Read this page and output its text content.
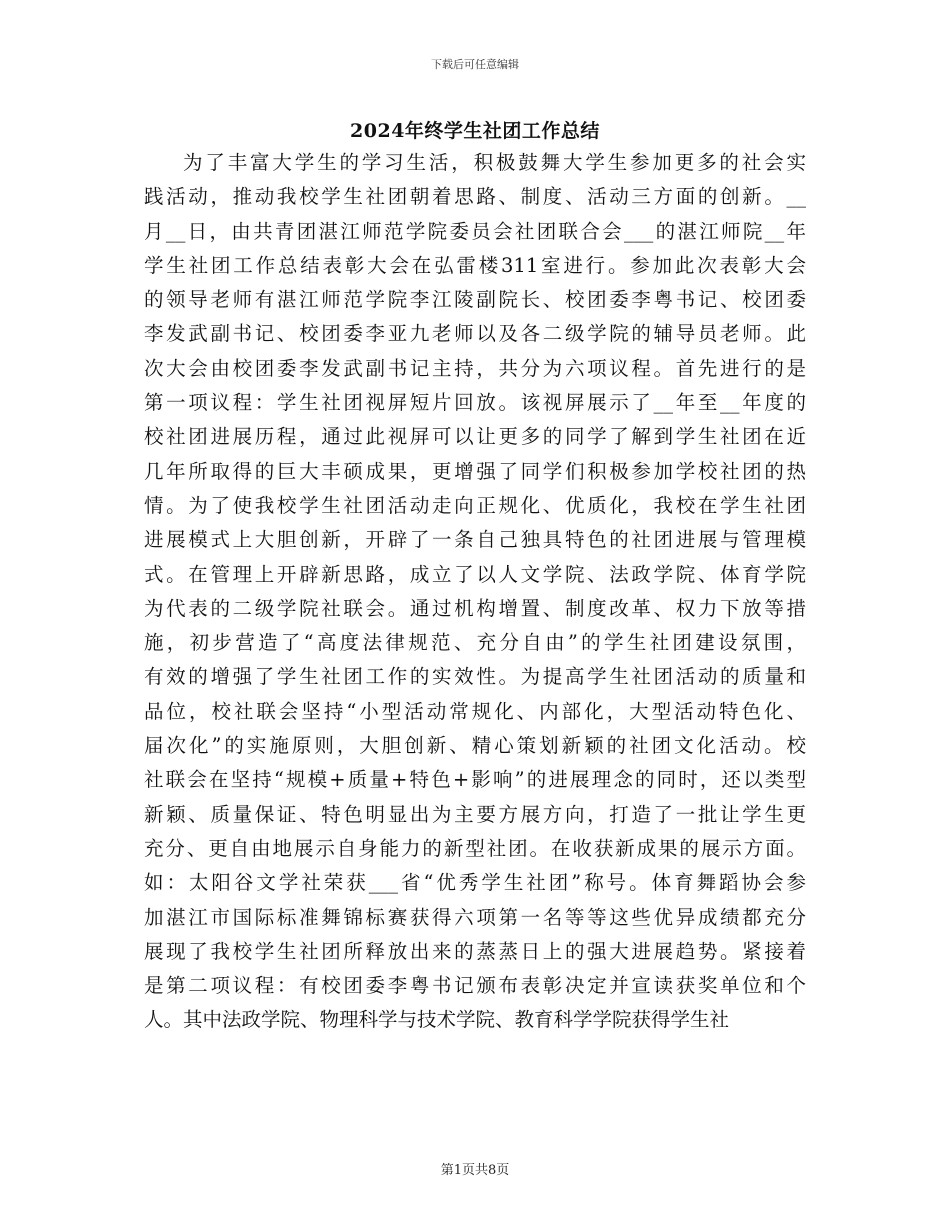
下载后可任意编辑
2024年终学生社团工作总结
为了丰富大学生的学习生活，积极鼓舞大学生参加更多的社会实
践活动，推动我校学生社团朝着思路、制度、活动三方面的创新。__
月__日，由共青团湛江师范学院委员会社团联合会___的湛江师院__年
学生社团工作总结表彰大会在弘雷楼311室进行。参加此次表彰大会
的领导老师有湛江师范学院李江陵副院长、校团委李粤书记、校团委
李发武副书记、校团委李亚九老师以及各二级学院的辅导员老师。此
次大会由校团委李发武副书记主持，共分为六项议程。首先进行的是
第一项议程：学生社团视屏短片回放。该视屏展示了__年至__年度的
校社团进展历程，通过此视屏可以让更多的同学了解到学生社团在近
几年所取得的巨大丰硕成果，更增强了同学们积极参加学校社团的热
情。为了使我校学生社团活动走向正规化、优质化，我校在学生社团
进展模式上大胆创新，开辟了一条自己独具特色的社团进展与管理模
式。在管理上开辟新思路，成立了以人文学院、法政学院、体育学院
为代表的二级学院社联会。通过机构增置、制度改革、权力下放等措
施，初步营造了“高度法律规范、充分自由”的学生社团建设氛围，
有效的增强了学生社团工作的实效性。为提高学生社团活动的质量和
品位，校社联会坚持“小型活动常规化、内部化，大型活动特色化、
届次化”的实施原则，大胆创新、精心策划新颖的社团文化活动。校
社联会在坚持“规模+质量+特色+影响”的进展理念的同时，还以类型
新颖、质量保证、特色明显出为主要方展方向，打造了一批让学生更
充分、更自由地展示自身能力的新型社团。在收获新成果的展示方面。
如：太阳谷文学社荣获___省“优秀学生社团”称号。体育舞蹈协会参
加湛江市国际标准舞锦标赛获得六项第一名等等这些优异成绩都充分
展现了我校学生社团所释放出来的蒸蒸日上的强大进展趋势。紧接着
是第二项议程：有校团委李粤书记颁布表彰决定并宣读获奖单位和个
人。其中法政学院、物理科学与技术学院、教育科学学院获得学生社
第1页共8页
